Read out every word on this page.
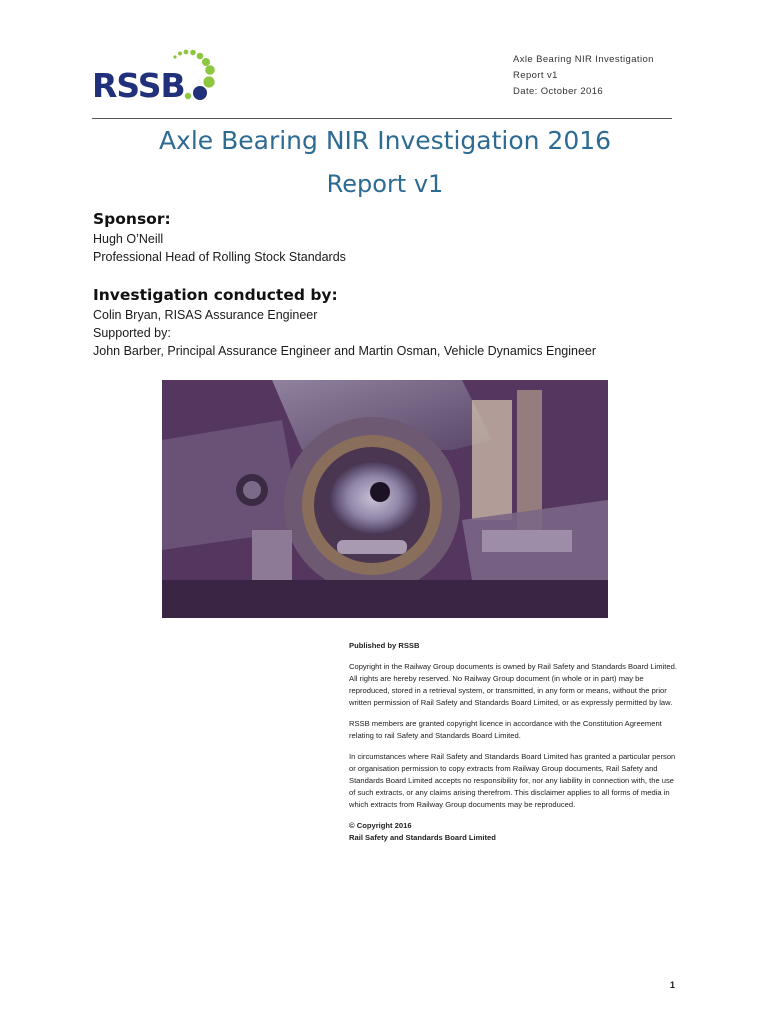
RSSB
Axle Bearing NIR Investigation
Report v1
Date: October 2016
Axle Bearing NIR Investigation 2016
Report v1
Sponsor:

Hugh O’Neill

Professional Head of Rolling Stock Standards

Investigation conducted by:

Colin Bryan, RISAS Assurance Engineer

Supported by:

John Barber, Principal Assurance Engineer and Martin Osman, Vehicle Dynamics Engineer

Published by RSSB

Copyright in the Railway Group documents is owned by Rail Safety and Standards Board Limited. All rights are hereby reserved. No Railway Group document (in whole or in part) may be reproduced, stored in a retrieval system, or transmitted, in any form or means, without the prior written permission of Rail Safety and Standards Board Limited, or as expressly permitted by law.

RSSB members are granted copyright licence in accordance with the Constitution Agreement relating to rail Safety and Standards Board Limited.

In circumstances where Rail Safety and Standards Board Limited has granted a particular person or organisation permission to copy extracts from Railway Group documents, Rail Safety and Standards Board Limited accepts no responsibility for, nor any liability in connection with, the use of such extracts, or any claims arising therefrom. This disclaimer applies to all forms of media in which extracts from Railway Group documents may be reproduced.

© Copyright 2016

Rail Safety and Standards Board Limited

1
